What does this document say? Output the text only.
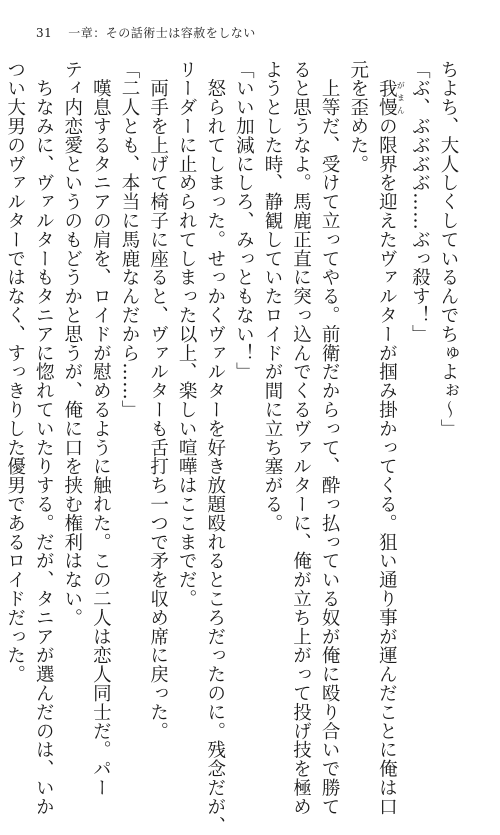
31 一章：その話術士は容赦をしない
ちよち、大人しくしているんでちゅよぉ〜」
「ぶ、ぶぶぶぶ……ぶっ殺す！」
　我慢 がまんの限界を迎えたヴァルターが掴み掛かってくる。狙い通り事が運んだことに俺は口
元を歪めた。
　上等だ、受けて立ってやる。前衛だからって、酔っ払っている奴が俺に殴り合いで勝て
ると思うなよ。馬鹿正直に突っ込んでくるヴァルターに、俺が立ち上がって投げ技を極め
ようとした時、静観していたロイドが間に立ち塞がる。
「いい加減にしろ、みっともない！」
　怒られてしまった。せっかくヴァルターを好き放題殴れるところだったのに。残念だが、
リーダーに止められてしまった以上、楽しい喧嘩はここまでだ。
　両手を上げて椅子に座ると、ヴァルターも舌打ち一つで矛を収め席に戻った。
「二人とも、本当に馬鹿なんだから……」
　嘆息するタニアの肩を、ロイドが慰めるように触れた。この二人は恋人同士だ。パー
ティ内恋愛というのもどうかと思うが、俺に口を挟む権利はない。
　ちなみに、ヴァルターもタニアに惚れていたりする。だが、タニアが選んだのは、いか
つい大男のヴァルターではなく、すっきりした優男であるロイドだった。
